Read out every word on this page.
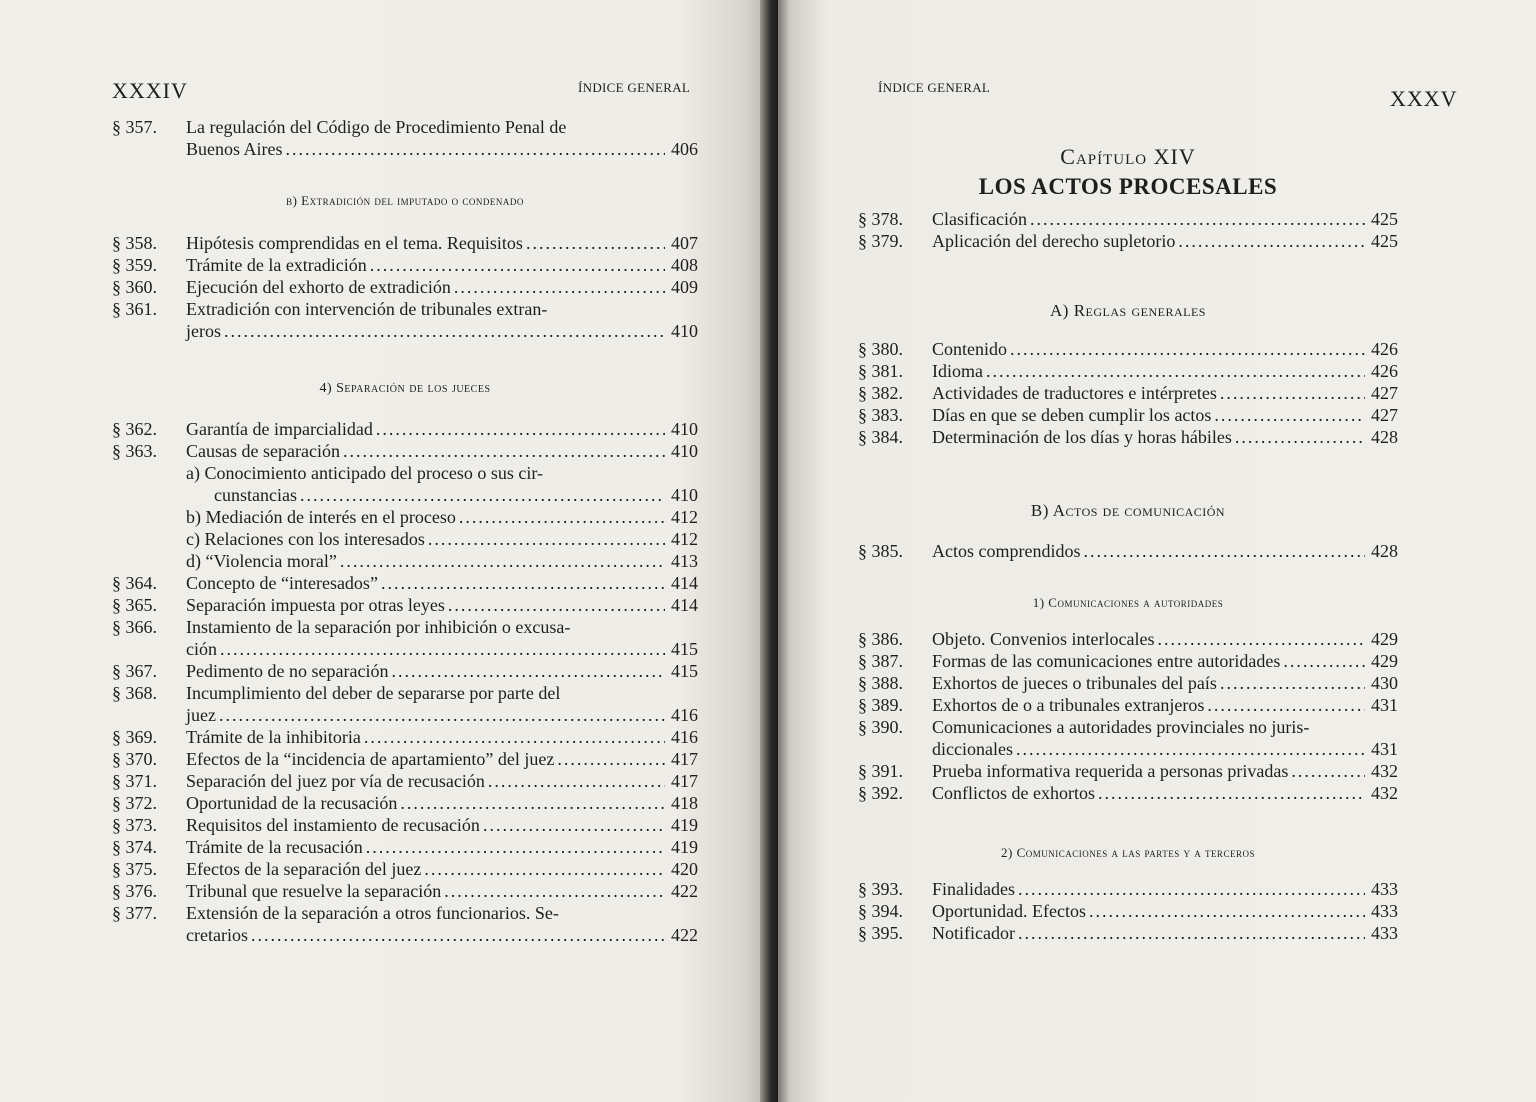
XXXIV	ÍNDICE GENERAL
§ 357.	La regulación del Código de Procedimiento Penal de
Buenos Aires .....	406
b) Extradición del imputado o condenado
§ 358.	Hipótesis comprendidas en el tema. Requisitos .....	407
§ 359.	Trámite de la extradición .....	408
§ 360.	Ejecución del exhorto de extradición .....	409
§ 361.	Extradición con intervención de tribunales extran-
jeros .....	410
4) Separación de los jueces
§ 362.	Garantía de imparcialidad .....	410
§ 363.	Causas de separación .....	410
a) Conocimiento anticipado del proceso o sus cir-
cunstancias .....	410
b) Mediación de interés en el proceso .....	412
c) Relaciones con los interesados .....	412
d) “Violencia moral” .....	413
§ 364.	Concepto de “interesados” .....	414
§ 365.	Separación impuesta por otras leyes .....	414
§ 366.	Instamiento de la separación por inhibición o excusa-
ción .....	415
§ 367.	Pedimento de no separación .....	415
§ 368.	Incumplimiento del deber de separarse por parte del
juez .....	416
§ 369.	Trámite de la inhibitoria .....	416
§ 370.	Efectos de la “incidencia de apartamiento” del juez .....	417
§ 371.	Separación del juez por vía de recusación .....	417
§ 372.	Oportunidad de la recusación .....	418
§ 373.	Requisitos del instamiento de recusación .....	419
§ 374.	Trámite de la recusación .....	419
§ 375.	Efectos de la separación del juez .....	420
§ 376.	Tribunal que resuelve la separación .....	422
§ 377.	Extensión de la separación a otros funcionarios. Se-
cretarios .....	422
ÍNDICE GENERAL	XXXV
Capítulo XIV
LOS ACTOS PROCESALES
§ 378.	Clasificación .....	425
§ 379.	Aplicación del derecho supletorio .....	425
A) Reglas generales
§ 380.	Contenido .....	426
§ 381.	Idioma .....	426
§ 382.	Actividades de traductores e intérpretes .....	427
§ 383.	Días en que se deben cumplir los actos .....	427
§ 384.	Determinación de los días y horas hábiles .....	428
B) Actos de comunicación
§ 385.	Actos comprendidos .....	428
1) Comunicaciones a autoridades
§ 386.	Objeto. Convenios interlocales .....	429
§ 387.	Formas de las comunicaciones entre autoridades .....	429
§ 388.	Exhortos de jueces o tribunales del país .....	430
§ 389.	Exhortos de o a tribunales extranjeros .....	431
§ 390.	Comunicaciones a autoridades provinciales no juris-
diccionales .....	431
§ 391.	Prueba informativa requerida a personas privadas .....	432
§ 392.	Conflictos de exhortos .....	432
2) Comunicaciones a las partes y a terceros
§ 393.	Finalidades .....	433
§ 394.	Oportunidad. Efectos .....	433
§ 395.	Notificador .....	433
